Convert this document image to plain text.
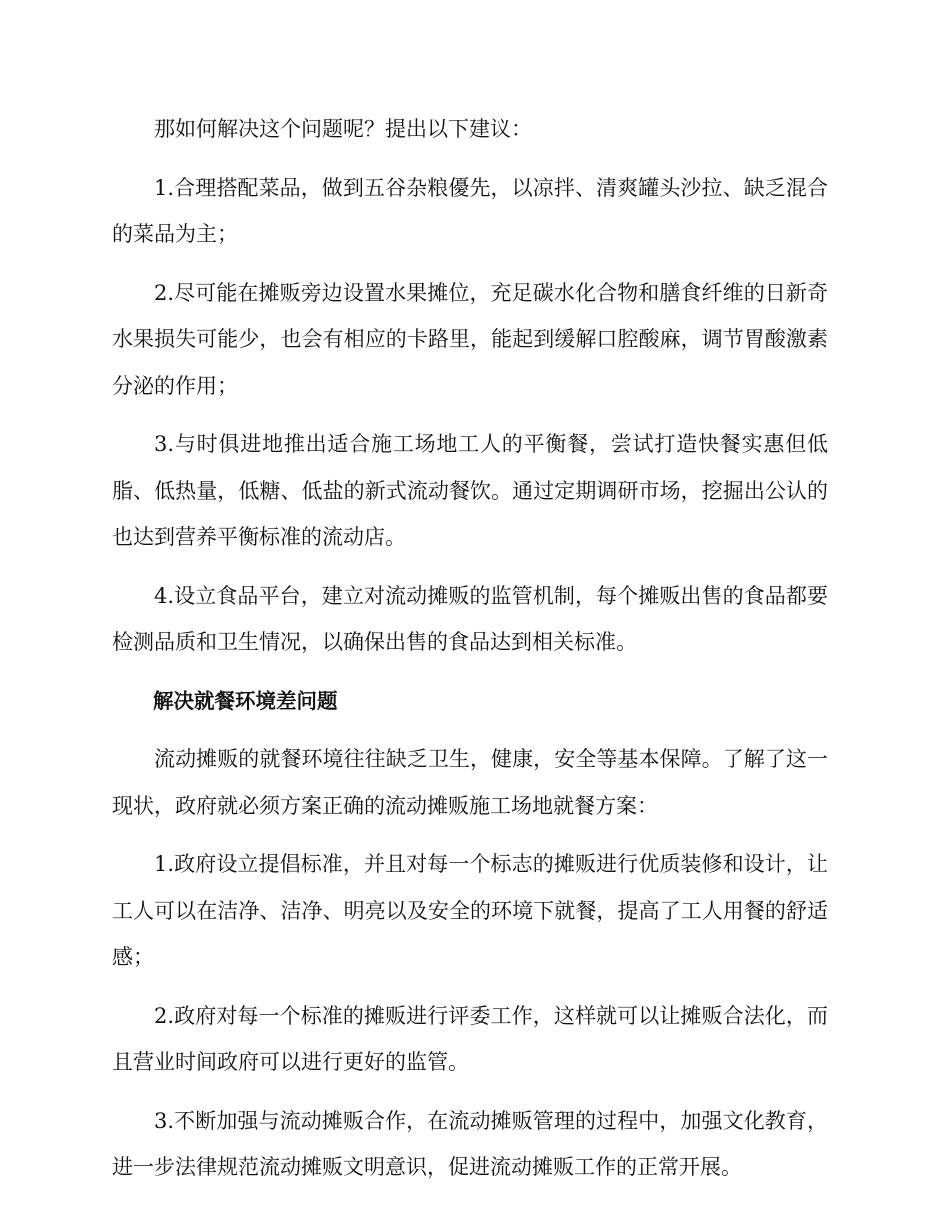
那如何解决这个问题呢？提出以下建议：

1.合理搭配菜品，做到五谷杂粮優先，以凉拌、清爽罐头沙拉、缺乏混合的菜品为主；

2.尽可能在摊贩旁边设置水果摊位，充足碳水化合物和膳食纤维的日新奇水果损失可能少，也会有相应的卡路里，能起到缓解口腔酸麻，调节胃酸激素分泌的作用；

3.与时俱进地推出适合施工场地工人的平衡餐，尝试打造快餐实惠但低脂、低热量，低糖、低盐的新式流动餐饮。通过定期调研市场，挖掘出公认的也达到营养平衡标准的流动店。

4.设立食品平台，建立对流动摊贩的监管机制，每个摊贩出售的食品都要检测品质和卫生情况，以确保出售的食品达到相关标准。

解决就餐环境差问题

流动摊贩的就餐环境往往缺乏卫生，健康，安全等基本保障。了解了这一现状，政府就必须方案正确的流动摊贩施工场地就餐方案：

1.政府设立提倡标准，并且对每一个标志的摊贩进行优质装修和设计，让工人可以在洁净、洁净、明亮以及安全的环境下就餐，提高了工人用餐的舒适感；

2.政府对每一个标准的摊贩进行评委工作，这样就可以让摊贩合法化，而且营业时间政府可以进行更好的监管。

3.不断加强与流动摊贩合作，在流动摊贩管理的过程中，加强文化教育，进一步法律规范流动摊贩文明意识，促进流动摊贩工作的正常开展。
